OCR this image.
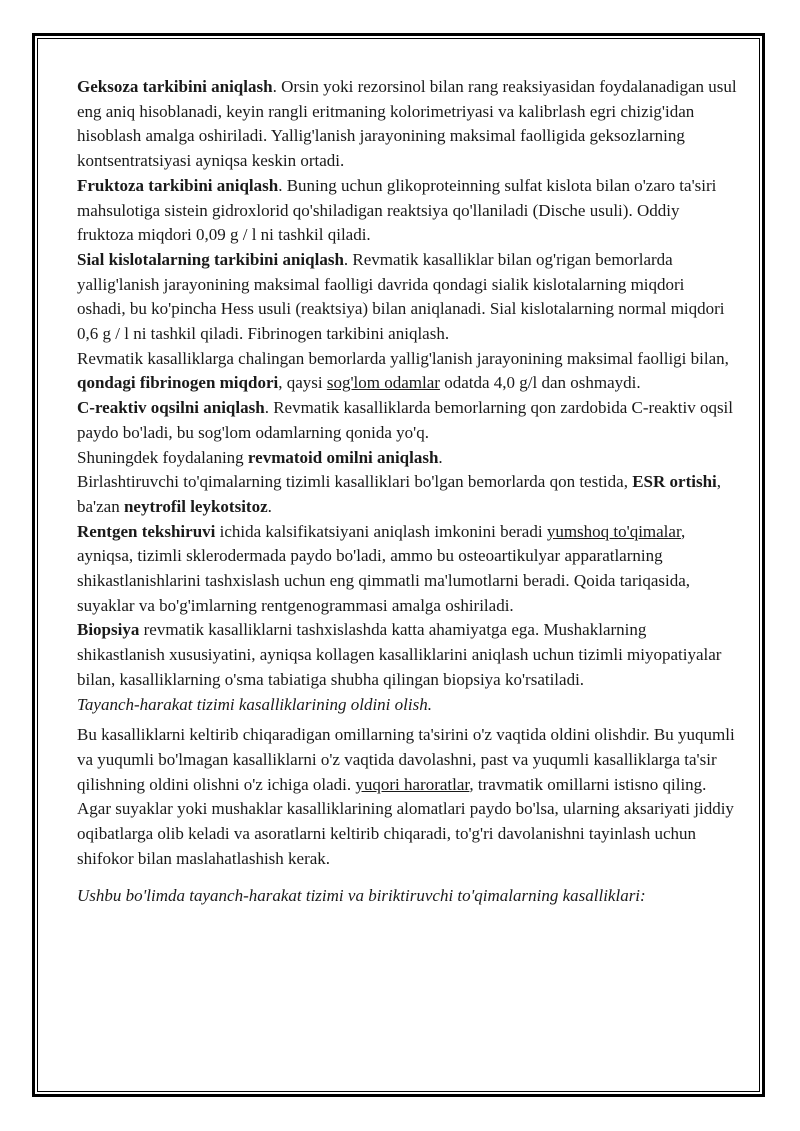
Geksoza tarkibini aniqlash. Orsin yoki rezorsinol bilan rang reaksiyasidan foydalanadigan usul eng aniq hisoblanadi, keyin rangli eritmaning kolorimetriyasi va kalibrlash egri chizig'idan hisoblash amalga oshiriladi. Yallig'lanish jarayonining maksimal faolligida geksozlarning kontsentratsiyasi ayniqsa keskin ortadi.

Fruktoza tarkibini aniqlash. Buning uchun glikoproteinning sulfat kislota bilan o'zaro ta'siri mahsulotiga sistein gidroxlorid qo'shiladigan reaktsiya qo'llaniladi (Dische usuli). Oddiy fruktoza miqdori 0,09 g / l ni tashkil qiladi.

Sial kislotalarning tarkibini aniqlash. Revmatik kasalliklar bilan og'rigan bemorlarda yallig'lanish jarayonining maksimal faolligi davrida qondagi sialik kislotalarning miqdori oshadi, bu ko'pincha Hess usuli (reaktsiya) bilan aniqlanadi. Sial kislotalarning normal miqdori 0,6 g / l ni tashkil qiladi. Fibrinogen tarkibini aniqlash.

Revmatik kasalliklarga chalingan bemorlarda yallig'lanish jarayonining maksimal faolligi bilan, qondagi fibrinogen miqdori, qaysi sog'lom odamlar odatda 4,0 g/l dan oshmaydi.

C-reaktiv oqsilni aniqlash. Revmatik kasalliklarda bemorlarning qon zardobida C-reaktiv oqsil paydo bo'ladi, bu sog'lom odamlarning qonida yo'q.

Shuningdek foydalaning revmatoid omilni aniqlash.

Birlashtiruvchi to'qimalarning tizimli kasalliklari bo'lgan bemorlarda qon testida, ESR ortishi, ba'zan neytrofil leykotsitoz.

Rentgen tekshiruvi ichida kalsifikatsiyani aniqlash imkonini beradi yumshoq to'qimalar, ayniqsa, tizimli sklerodermada paydo bo'ladi, ammo bu osteoartikulyar apparatlarning shikastlanishlarini tashxislash uchun eng qimmatli ma'lumotlarni beradi. Qoida tariqasida, suyaklar va bo'g'imlarning rentgenogrammasi amalga oshiriladi.

Biopsiya revmatik kasalliklarni tashxislashda katta ahamiyatga ega. Mushaklarning shikastlanish xususiyatini, ayniqsa kollagen kasalliklarini aniqlash uchun tizimli miyopatiyalar bilan, kasalliklarning o'sma tabiatiga shubha qilingan biopsiya ko'rsatiladi.

Tayanch-harakat tizimi kasalliklarining oldini olish.

Bu kasalliklarni keltirib chiqaradigan omillarning ta'sirini o'z vaqtida oldini olishdir. Bu yuqumli va yuqumli bo'lmagan kasalliklarni o'z vaqtida davolashni, past va yuqumli kasalliklarga ta'sir qilishning oldini olishni o'z ichiga oladi. yuqori haroratlar, travmatik omillarni istisno qiling.

Agar suyaklar yoki mushaklar kasalliklarining alomatlari paydo bo'lsa, ularning aksariyati jiddiy oqibatlarga olib keladi va asoratlarni keltirib chiqaradi, to'g'ri davolanishni tayinlash uchun shifokor bilan maslahatlashish kerak.

Ushbu bo'limda tayanch-harakat tizimi va biriktiruvchi to'qimalarning kasalliklari:
